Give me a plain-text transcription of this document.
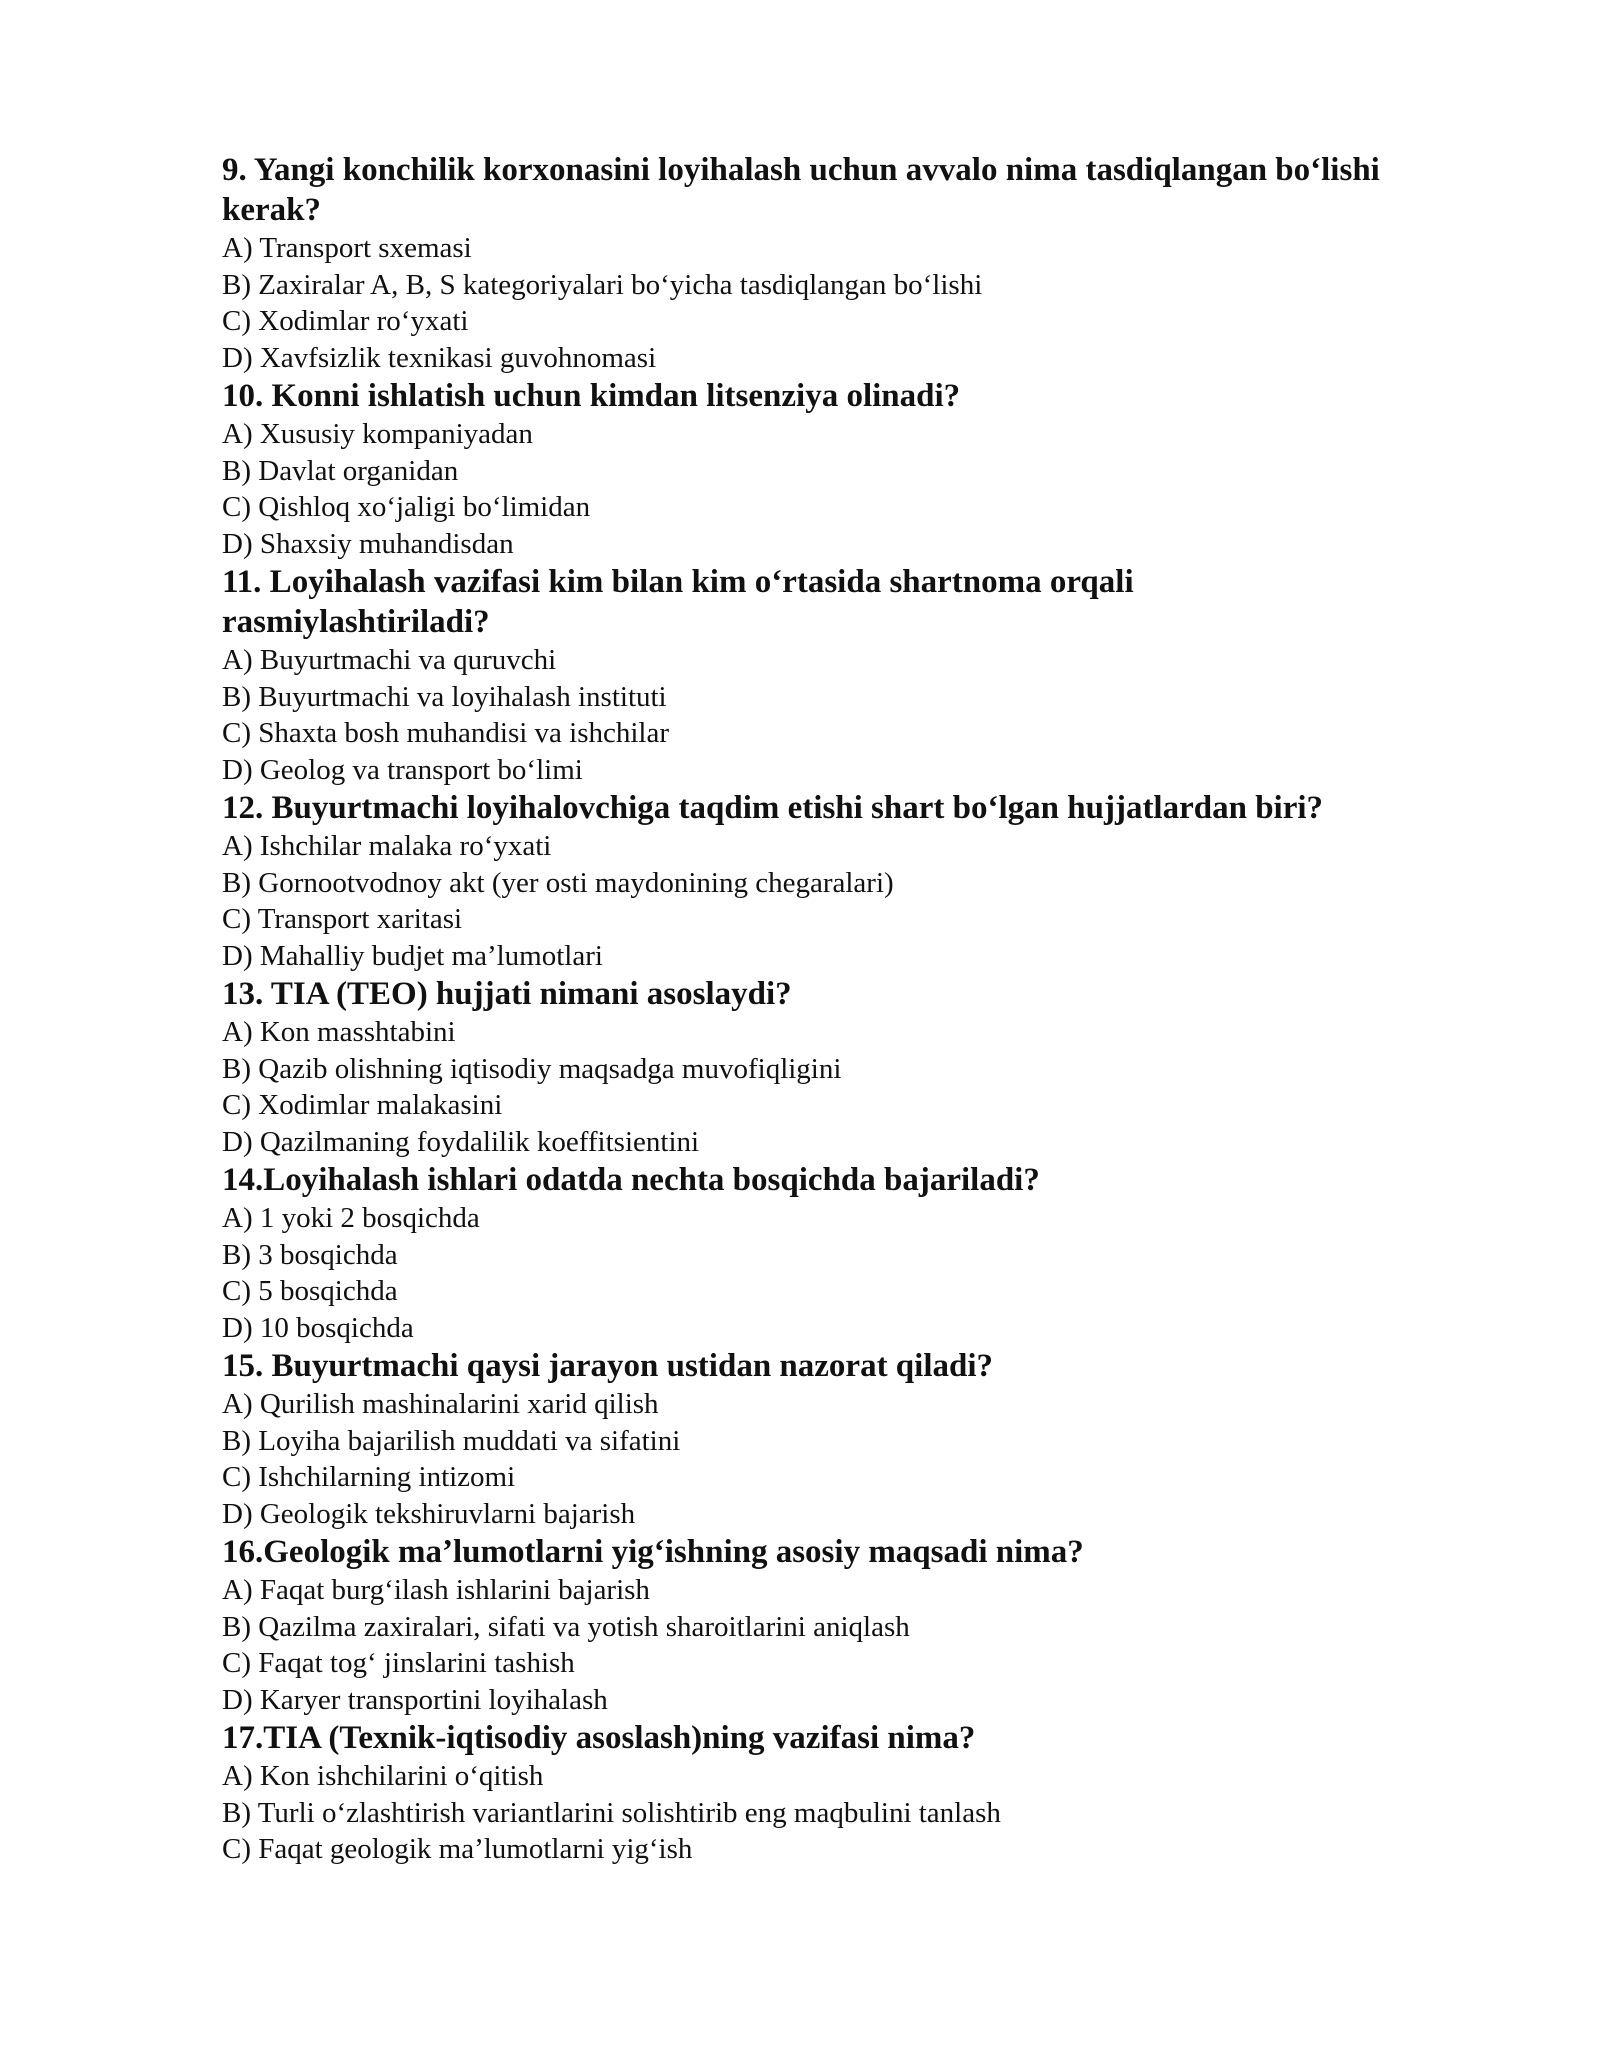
9. Yangi konchilik korxonasini loyihalash uchun avvalo nima tasdiqlangan boʻlishi kerak?

A) Transport sxemasi
B) Zaxiralar A, B, S kategoriyalari boʻyicha tasdiqlangan boʻlishi
C) Xodimlar roʻyxati
D) Xavfsizlik texnikasi guvohnomasi

10. Konni ishlatish uchun kimdan litsenziya olinadi?

A) Xususiy kompaniyadan
B) Davlat organidan
C) Qishloq xoʻjaligi boʻlimidan
D) Shaxsiy muhandisdan

11. Loyihalash vazifasi kim bilan kim oʻrtasida shartnoma orqali rasmiylashtiriladi?

A) Buyurtmachi va quruvchi
B) Buyurtmachi va loyihalash instituti
C) Shaxta bosh muhandisi va ishchilar
D) Geolog va transport boʻlimi

12. Buyurtmachi loyihalovchiga taqdim etishi shart boʻlgan hujjatlardan biri?

A) Ishchilar malaka roʻyxati
B) Gornootvodnoy akt (yer osti maydonining chegaralari)
C) Transport xaritasi
D) Mahalliy budjet maʼlumotlari

13. TIA (TEO) hujjati nimani asoslaydi?

A) Kon masshtabini
B) Qazib olishning iqtisodiy maqsadga muvofiqligini
C) Xodimlar malakasini
D) Qazilmaning foydalilik koeffitsientini

14.Loyihalash ishlari odatda nechta bosqichda bajariladi?

A) 1 yoki 2 bosqichda
B) 3 bosqichda
C) 5 bosqichda
D) 10 bosqichda

15. Buyurtmachi qaysi jarayon ustidan nazorat qiladi?

A) Qurilish mashinalarini xarid qilish
B) Loyiha bajarilish muddati va sifatini
C) Ishchilarning intizomi
D) Geologik tekshiruvlarni bajarish

16.Geologik maʼlumotlarni yigʻishning asosiy maqsadi nima?

A) Faqat burgʻilash ishlarini bajarish
B) Qazilma zaxiralari, sifati va yotish sharoitlarini aniqlash
C) Faqat togʻ jinslarini tashish
D) Karyer transportini loyihalash

17.TIA (Texnik-iqtisodiy asoslash)ning vazifasi nima?

A) Kon ishchilarini oʻqitish
B) Turli oʻzlashtirish variantlarini solishtirib eng maqbulini tanlash
C) Faqat geologik maʼlumotlarni yigʻish
